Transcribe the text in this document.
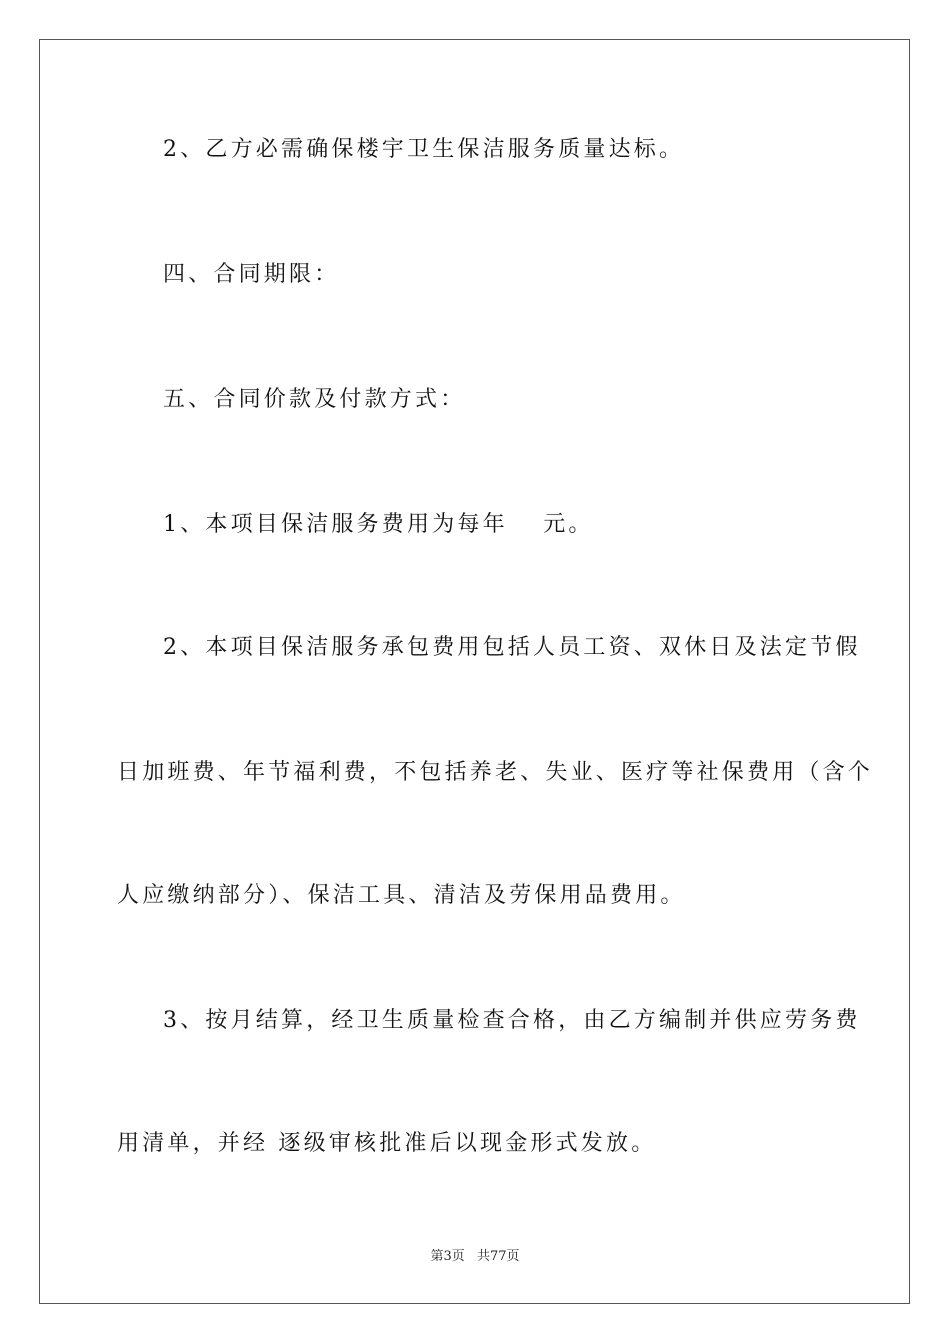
2、乙方必需确保楼宇卫生保洁服务质量达标。
四、合同期限：
五、合同价款及付款方式：
1、本项目保洁服务费用为每年　 元。
2、本项目保洁服务承包费用包括人员工资、双休日及法定节假
日加班费、年节福利费，不包括养老、失业、医疗等社保费用（含个
人应缴纳部分）、保洁工具、清洁及劳保用品费用。
3、按月结算，经卫生质量检查合格，由乙方编制并供应劳务费
用清单，并经 逐级审核批准后以现金形式发放。
第3页 共77页
